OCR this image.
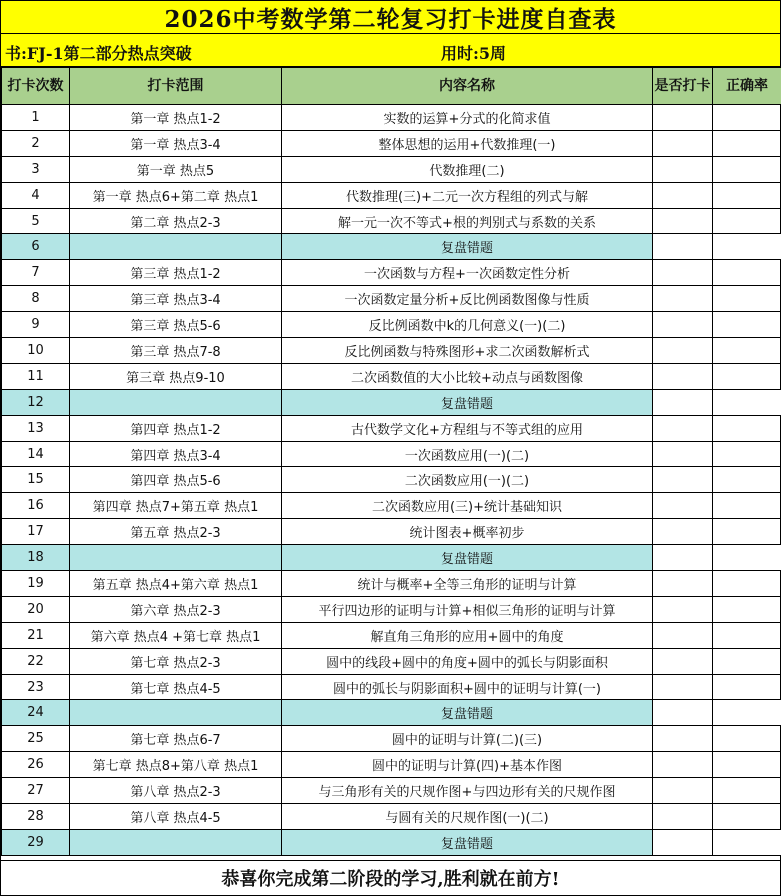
2026中考数学第二轮复习打卡进度自查表
书:FJ-1第二部分热点突破	用时:5周
打卡次数	打卡范围	内容名称	是否打卡	正确率
1	第一章 热点1-2	实数的运算+分式的化简求值		
2	第一章 热点3-4	整体思想的运用+代数推理(一)		
3	第一章 热点5	代数推理(二)		
4	第一章 热点6+第二章 热点1	代数推理(三)+二元一次方程组的列式与解		
5	第二章 热点2-3	解一元一次不等式+根的判别式与系数的关系		
6		复盘错题		
7	第三章 热点1-2	一次函数与方程+一次函数定性分析		
8	第三章 热点3-4	一次函数定量分析+反比例函数图像与性质		
9	第三章 热点5-6	反比例函数中k的几何意义(一)(二)		
10	第三章 热点7-8	反比例函数与特殊图形+求二次函数解析式		
11	第三章 热点9-10	二次函数值的大小比较+动点与函数图像		
12		复盘错题		
13	第四章 热点1-2	古代数学文化+方程组与不等式组的应用		
14	第四章 热点3-4	一次函数应用(一)(二)		
15	第四章 热点5-6	二次函数应用(一)(二)		
16	第四章 热点7+第五章 热点1	二次函数应用(三)+统计基础知识		
17	第五章 热点2-3	统计图表+概率初步		
18		复盘错题		
19	第五章 热点4+第六章 热点1	统计与概率+全等三角形的证明与计算		
20	第六章 热点2-3	平行四边形的证明与计算+相似三角形的证明与计算		
21	第六章 热点4 +第七章 热点1	解直角三角形的应用+圆中的角度		
22	第七章 热点2-3	圆中的线段+圆中的角度+圆中的弧长与阴影面积		
23	第七章 热点4-5	圆中的弧长与阴影面积+圆中的证明与计算(一)		
24		复盘错题		
25	第七章 热点6-7	圆中的证明与计算(二)(三)		
26	第七章 热点8+第八章 热点1	圆中的证明与计算(四)+基本作图		
27	第八章 热点2-3	与三角形有关的尺规作图+与四边形有关的尺规作图		
28	第八章 热点4-5	与圆有关的尺规作图(一)(二)		
29		复盘错题		
恭喜你完成第二阶段的学习,胜利就在前方!
